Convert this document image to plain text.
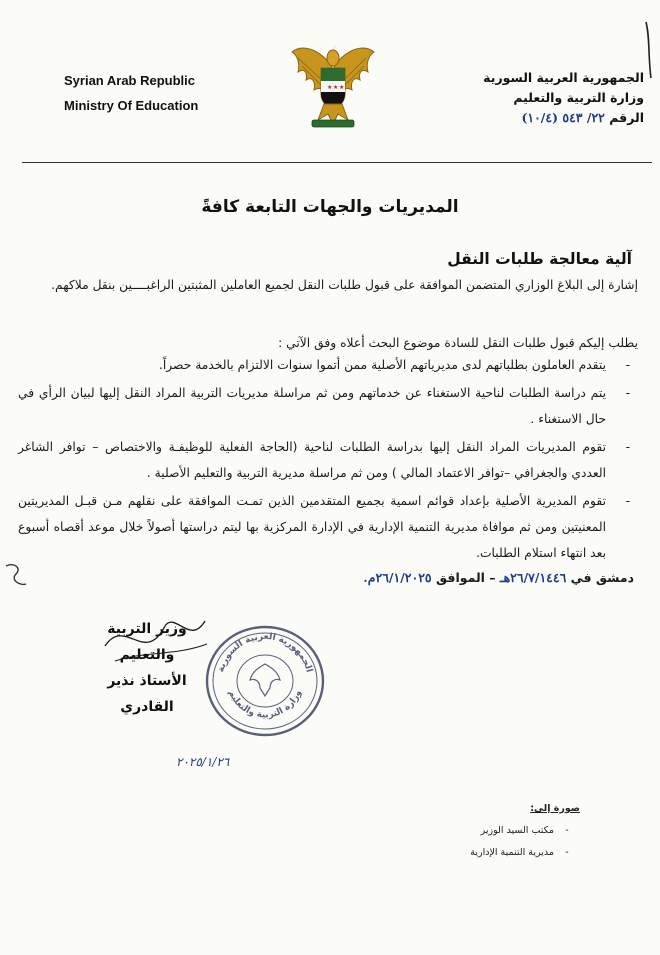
Syrian Arab Republic
Ministry Of Education
★ ★ ★
الجمهورية العربية السورية
وزارة التربية والتعليم
الرقم ٢٢/ ٥٤٣ (١٠/٤)
المديريات والجهات التابعة كافةً
آلية معالجة طلبات النقل
إشارة إلى البلاغ الوزاري المتضمن الموافقة على قبول طلبات النقل لجميع العاملين المثبتين الراغبــــين بنقل ملاكهم.
يطلب إليكم قبول طلبات النقل للسادة موضوع البحث أعلاه وفق الآتي :
-
يتقدم العاملون بطلباتهم لدى مديرياتهم الأصلية ممن أتموا سنوات الالتزام بالخدمة حصراً.
-
يتم دراسة الطلبات لناحية الاستغناء عن خدماتهم ومن ثم مراسلة مديريات التربية المراد النقل إليها لبيان الرأي في حال الاستغناء .
-
تقوم المديريات المراد النقل إليها بدراسة الطلبات لناحية (الحاجة الفعلية للوظيفـة والاختصاص – توافر الشاغر العددي والجغرافي –توافر الاعتماد المالي ) ومن ثم مراسلة مديرية التربية والتعليم الأصلية .
-
تقوم المديرية الأصلية بإعداد قوائم اسمية بجميع المتقدمين الذين تمـت الموافقة على نقلهم مـن قبـل المديريتين المعنيتين ومن ثم موافاة مديرية التنمية الإدارية في الإدارة المركزية بها ليتم دراستها أصولاً خلال موعد أقصاه أسبوع بعد انتهاء استلام الطلبات.
دمشق في ٢٦/٧/١٤٤٦هـ – الموافق ٢٦/١/٢٠٢٥م.
وزير التربية والتعليم
الأستاذ نذير القادري
الجمهورية العربية السورية
وزارة التربية والتعليم
٢٠٢٥/١/٢٦
صورة إلى:
-مكتب السيد الوزير
-مديرية التنمية الإدارية
